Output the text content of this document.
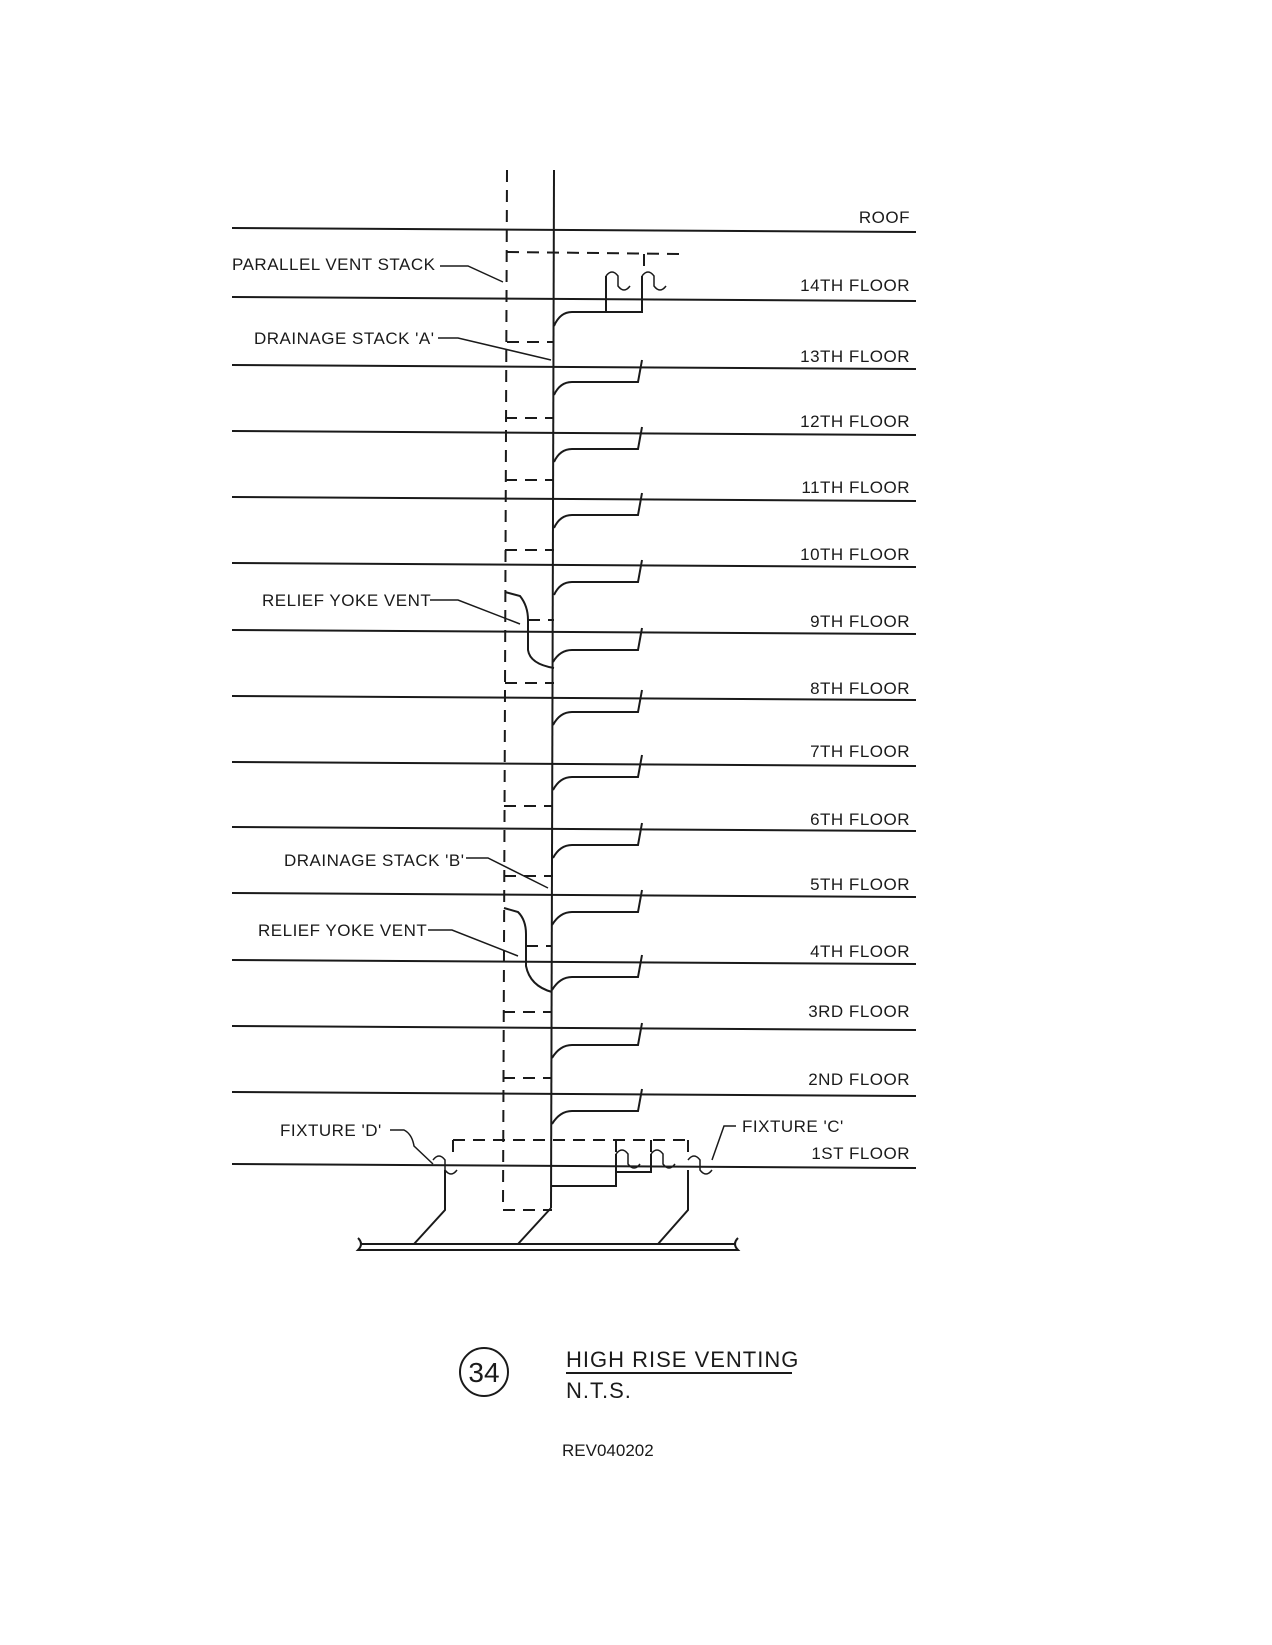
ROOF
14TH FLOOR
13TH FLOOR
12TH FLOOR
11TH FLOOR
10TH FLOOR
9TH FLOOR
8TH FLOOR
7TH FLOOR
6TH FLOOR
5TH FLOOR
4TH FLOOR
3RD FLOOR
2ND FLOOR
1ST FLOOR
PARALLEL VENT STACK
DRAINAGE STACK 'A'
RELIEF YOKE VENT
DRAINAGE STACK 'B'
RELIEF YOKE VENT
FIXTURE 'D'	FIXTURE 'C'
34	HIGH RISE VENTING
N.T.S.
REV040202
